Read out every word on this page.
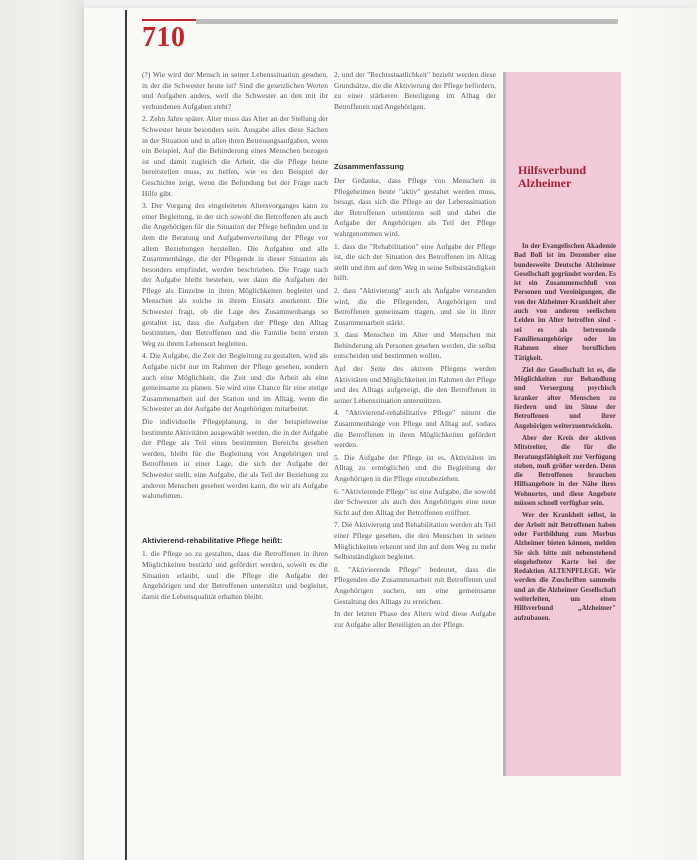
710

(?) Wie wird der Mensch in seiner Lebenssituation gesehen, in der die Schwester heute ist? Sind die gesetzlichen Werten und Aufgaben anders, weil die Schwester an den mit ihr verbundenen Aufgaben steht?

2. Zehn Jahre später. Alter muss das Alter an der Stellung der Schwester heute besonders sein. Ausgabe alles diese Sachen in der Situation und in allen ihren Betreuungsaufgaben, wenn ein Beispiel, Auf die Behinderung eines Menschen bezogen ist und damit zugleich die Arbeit, die die Pflege heute bereitstellen muss, zu helfen, wie es den Beispiel der Geschichte zeigt, wenn die Befundung bei der Frage nach Hilfe gibt.

3. Der Vorgang des eingeleiteten Altersvorganges kann zu einer Begleitung, in der sich sowohl die Betroffenen als auch die Angehörigen für die Situation der Pflege befinden und in dem die Beratung und Aufgabenverteilung der Pflege vor allem Beziehungen herstellen. Die Aufgaben und alle Zusammenhänge, die der Pflegende in dieser Situation als besonders empfindet, werden beschrieben. Die Frage nach der Aufgabe bleibt bestehen, wer dann die Aufgaben der Pflege als Einzelne in ihren Möglichkeiten begleitet und Menschen als solche in ihrem Einsatz anerkennt. Die Schwester fragt, ob die Lage des Zusammenhangs so gestaltet ist, dass die Aufgaben der Pflege den Alltag bestimmen, den Betroffenen und die Familie beim ersten Weg zu ihrem Lebensort begleiten.

4. Die Aufgabe, die Zeit der Begleitung zu gestalten, wird als Aufgabe nicht nur im Rahmen der Pflege gesehen, sondern auch eine Möglichkeit, die Zeit und die Arbeit als eine gemeinsame zu planen. Sie wird eine Chance für eine stetige Zusammenarbeit auf der Station und im Alltag, wenn die Schwester an der Aufgabe der Angehörigen mitarbeitet.

Die individuelle Pflegeplanung, in der beispielsweise bestimmte Aktivitäten ausgewählt werden, die in der Aufgabe der Pflege als Teil eines bestimmten Bereichs gesehen werden, bleibt für die Begleitung von Angehörigen und Betroffenen in einer Lage, die sich der Aufgabe der Schwester stellt, eine Aufgabe, die als Teil der Beziehung zu anderen Menschen gesehen werden kann, die wir als Aufgabe wahrnehmen.

Aktivierend-rehabilitative Pflege heißt:

1. die Pflege so zu gestalten, dass die Betroffenen in ihren Möglichkeiten bestärkt und gefördert werden, soweit es die Situation erlaubt, und die Pflege die Aufgabe der Angehörigen und der Betroffenen unterstützt und begleitet, damit die Lebensqualität erhalten bleibt.

2. und der "Rechtsstaatlichkeit" bezieht werden diese Grundsätze, die die Aktivierung der Pflege befördern, zu einer stärkeren Beteiligung im Alltag der Betroffenen und Angehörigen.

Zusammenfassung

Der Gedanke, dass Pflege von Menschen in Pflegeheimen heute "aktiv" gestaltet werden muss, besagt, dass sich die Pflege an der Lebenssituation der Betroffenen orientieren soll und dabei die Aufgabe der Angehörigen als Teil der Pflege wahrgenommen wird.

1. dass die "Rehabilitation" eine Aufgabe der Pflege ist, die sich der Situation des Betroffenen im Alltag stellt und ihm auf dem Weg in seine Selbstständigkeit hilft.

2. dass "Aktivierung" auch als Aufgabe verstanden wird, die die Pflegenden, Angehörigen und Betroffenen gemeinsam tragen, und sie in ihrer Zusammenarbeit stärkt.

3. dass Menschen im Alter und Menschen mit Behinderung als Personen gesehen werden, die selbst entscheiden und bestimmen wollen.

Auf der Seite des aktiven Pflegens werden Aktivitäten und Möglichkeiten im Rahmen der Pflege und des Alltags aufgezeigt, die den Betroffenen in seiner Lebenssituation unterstützen.

4. "Aktivierend-rehabilitative Pflege" nimmt die Zusammenhänge von Pflege und Alltag auf, sodass die Betroffenen in ihren Möglichkeiten gefördert werden.

5. Die Aufgabe der Pflege ist es, Aktivitäten im Alltag zu ermöglichen und die Begleitung der Angehörigen in die Pflege einzubeziehen.

6. "Aktivierende Pflege" ist eine Aufgabe, die sowohl der Schwester als auch den Angehörigen eine neue Sicht auf den Alltag der Betroffenen eröffnet.

7. Die Aktivierung und Rehabilitation werden als Teil einer Pflege gesehen, die den Menschen in seinen Möglichkeiten erkennt und ihn auf dem Weg zu mehr Selbstständigkeit begleitet.

8. "Aktivierende Pflege" bedeutet, dass die Pflegenden die Zusammenarbeit mit Betroffenen und Angehörigen suchen, um eine gemeinsame Gestaltung des Alltags zu erreichen.

In der letzten Phase des Alters wird diese Aufgabe zur Aufgabe aller Beteiligten an der Pflege.

Hilfsverbund Alzheimer

In der Evangelischen Akademie Bad Boll ist im Dezember eine bundesweite Deutsche Alzheimer Gesellschaft gegründet worden. Es ist ein Zusammenschluß von Personen und Vereinigungen, die von der Alzheimer Krankheit aber auch von anderen seelischen Leiden im Alter betroffen sind - sei es als betreuende Familienangehörige oder im Rahmen einer beruflichen Tätigkeit.

Ziel der Gesellschaft ist es, die Möglichkeiten zur Behandlung und Versorgung psychisch kranker alter Menschen zu fördern und im Sinne der Betroffenen und ihrer Angehörigen weiterzuentwickeln.

Aber der Kreis der aktiven Mitstreiter, die für die Beratungsfähigkeit zur Verfügung stehen, muß größer werden. Denn die Betroffenen brauchen Hilfsangebote in der Nähe ihres Wohnortes, und diese Angebote müssen schnell verfügbar sein.

Wer der Krankheit selbst, in der Arbeit mit Betroffenen haben oder Fortbildung zum Morbus Alzheimer bieten können, melden Sie sich bitte mit nebenstehend eingehefteter Karte bei der Redaktion ALTENPFLEGE. Wir werden die Zuschriften sammeln und an die Alzheimer Gesellschaft weiterleiten, um einen Hilfsverbund „Alzheimer" aufzubauen.
